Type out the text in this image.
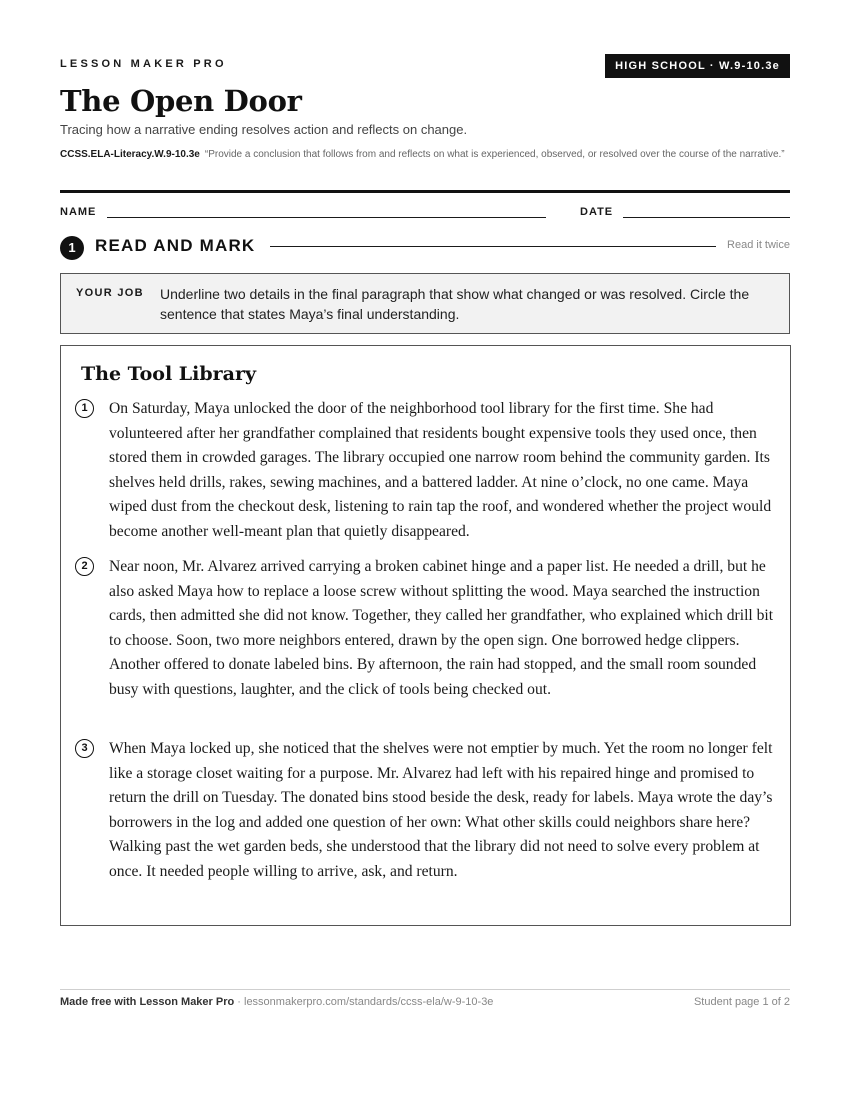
LESSON MAKER PRO	HIGH SCHOOL · W.9-10.3e
The Open Door
Tracing how a narrative ending resolves action and reflects on change.
CCSS.ELA-Literacy.W.9-10.3e “Provide a conclusion that follows from and reflects on what is experienced, observed, or resolved over the course of the narrative.”
NAME	DATE
1	READ AND MARK	Read it twice
YOUR JOB Underline two details in the final paragraph that show what changed or was resolved. Circle the sentence that states Maya’s final understanding.
The Tool Library
1	On Saturday, Maya unlocked the door of the neighborhood tool library for the first time. She had volunteered after her grandfather complained that residents bought expensive tools they used once, then stored them in crowded garages. The library occupied one narrow room behind the community garden. Its shelves held drills, rakes, sewing machines, and a battered ladder. At nine o’clock, no one came. Maya wiped dust from the checkout desk, listening to rain tap the roof, and wondered whether the project would become another well-meant plan that quietly disappeared.
2	Near noon, Mr. Alvarez arrived carrying a broken cabinet hinge and a paper list. He needed a drill, but he also asked Maya how to replace a loose screw without splitting the wood. Maya searched the instruction cards, then admitted she did not know. Together, they called her grandfather, who explained which drill bit to choose. Soon, two more neighbors entered, drawn by the open sign. One borrowed hedge clippers. Another offered to donate labeled bins. By afternoon, the rain had stopped, and the small room sounded busy with questions, laughter, and the click of tools being checked out.
3	When Maya locked up, she noticed that the shelves were not emptier by much. Yet the room no longer felt like a storage closet waiting for a purpose. Mr. Alvarez had left with his repaired hinge and promised to return the drill on Tuesday. The donated bins stood beside the desk, ready for labels. Maya wrote the day’s borrowers in the log and added one question of her own: What other skills could neighbors share here? Walking past the wet garden beds, she understood that the library did not need to solve every problem at once. It needed people willing to arrive, ask, and return.
Made free with Lesson Maker Pro · lessonmakerpro.com/standards/ccss-ela/w-9-10-3e	Student page 1 of 2
